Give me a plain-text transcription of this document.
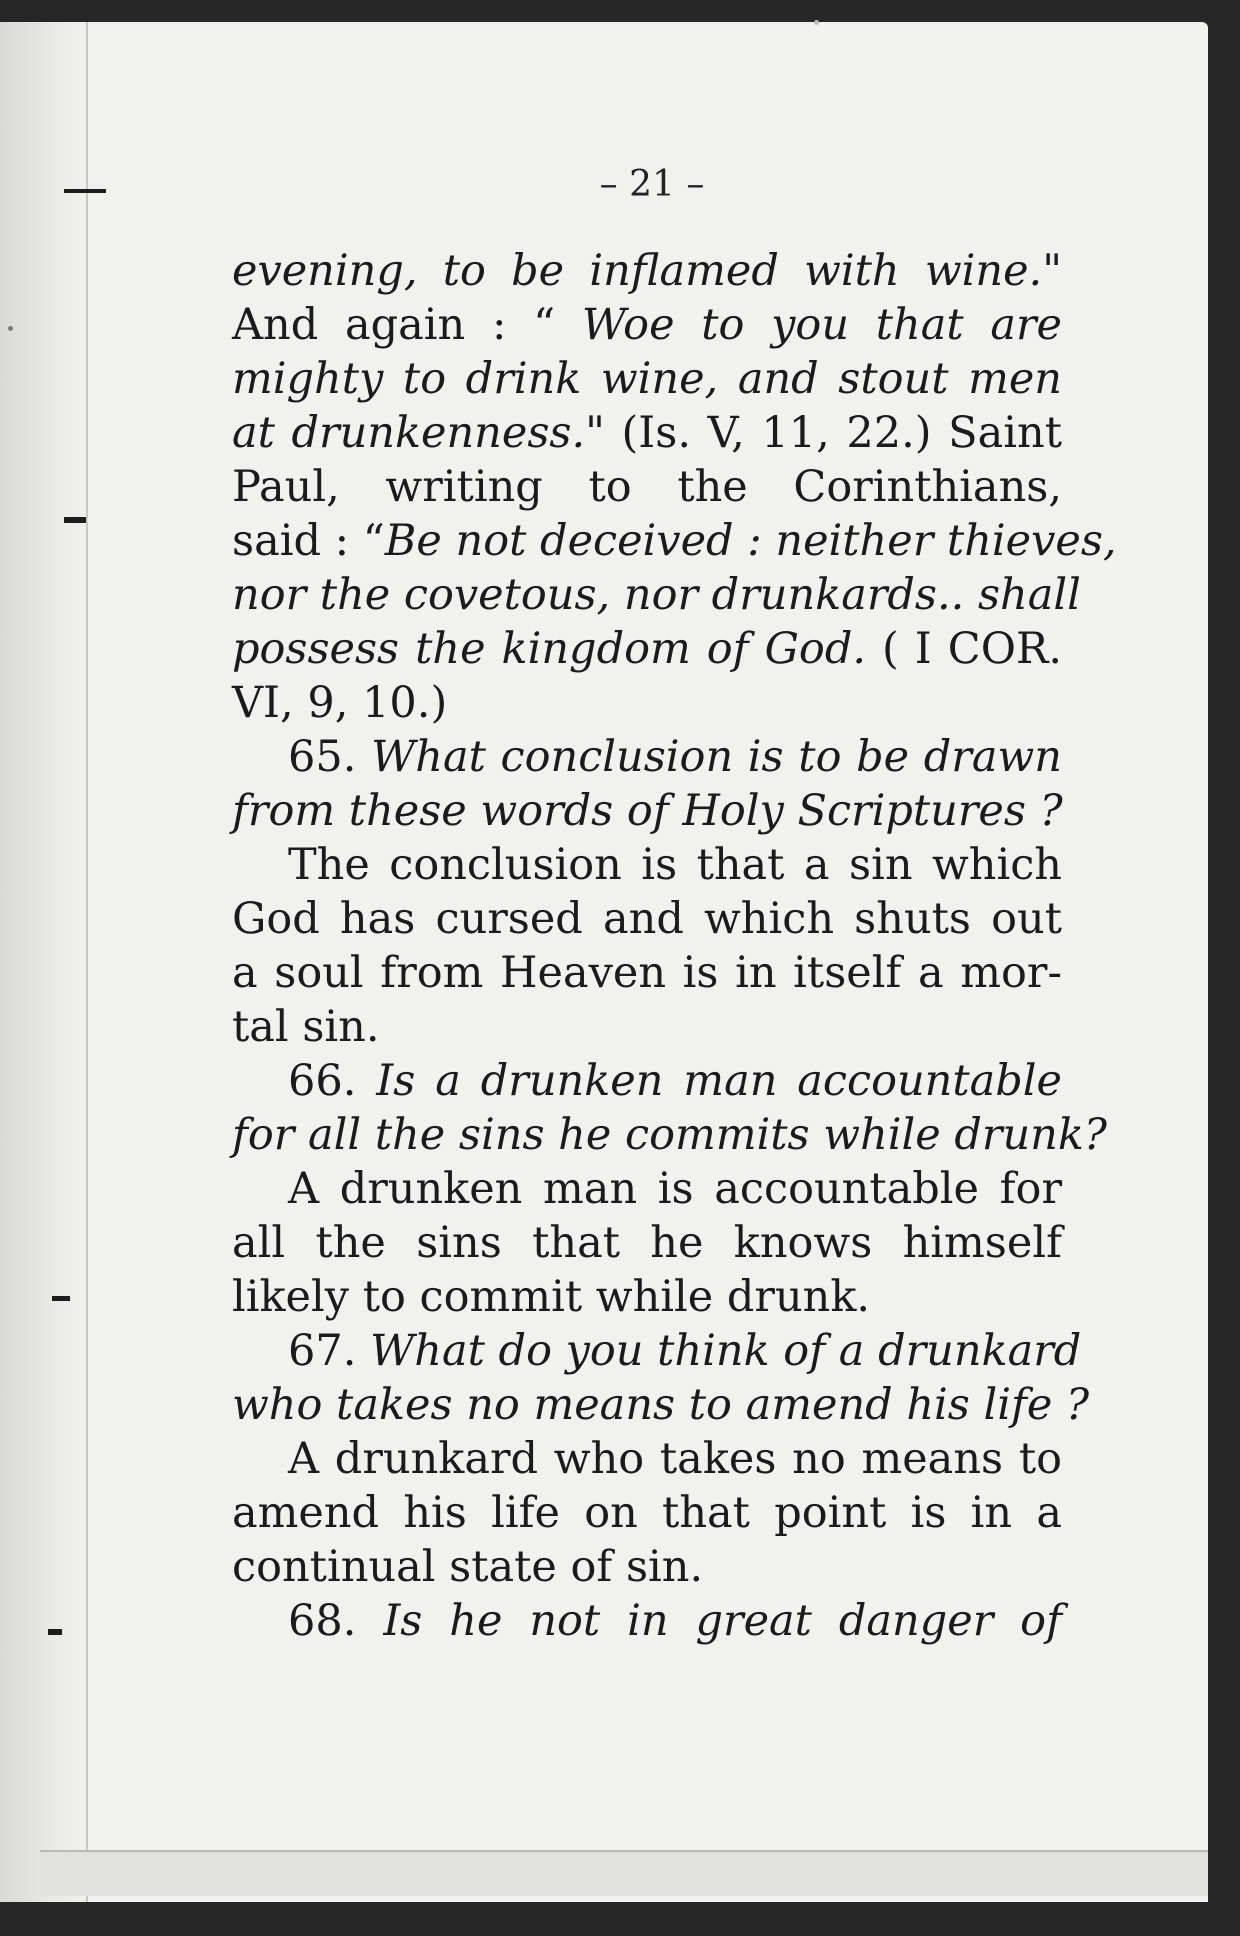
– 21 –
evening, to be inflamed with wine."
And again : “ Woe to you that are
mighty to drink wine, and stout men
at drunkenness." (Is. V, 11, 22.) Saint
Paul, writing to the Corinthians,
said : “Be not deceived : neither thieves,
nor the covetous, nor drunkards.. shall
possess the kingdom of God. ( I COR.
VI, 9, 10.)
65. What conclusion is to be drawn
from these words of Holy Scriptures ?
The conclusion is that a sin which
God has cursed and which shuts out
a soul from Heaven is in itself a mor-
tal sin.
66. Is a drunken man accountable
for all the sins he commits while drunk?
A drunken man is accountable for
all the sins that he knows himself
likely to commit while drunk.
67. What do you think of a drunkard
who takes no means to amend his life ?
A drunkard who takes no means to
amend his life on that point is in a
continual state of sin.
68. Is he not in great danger of
